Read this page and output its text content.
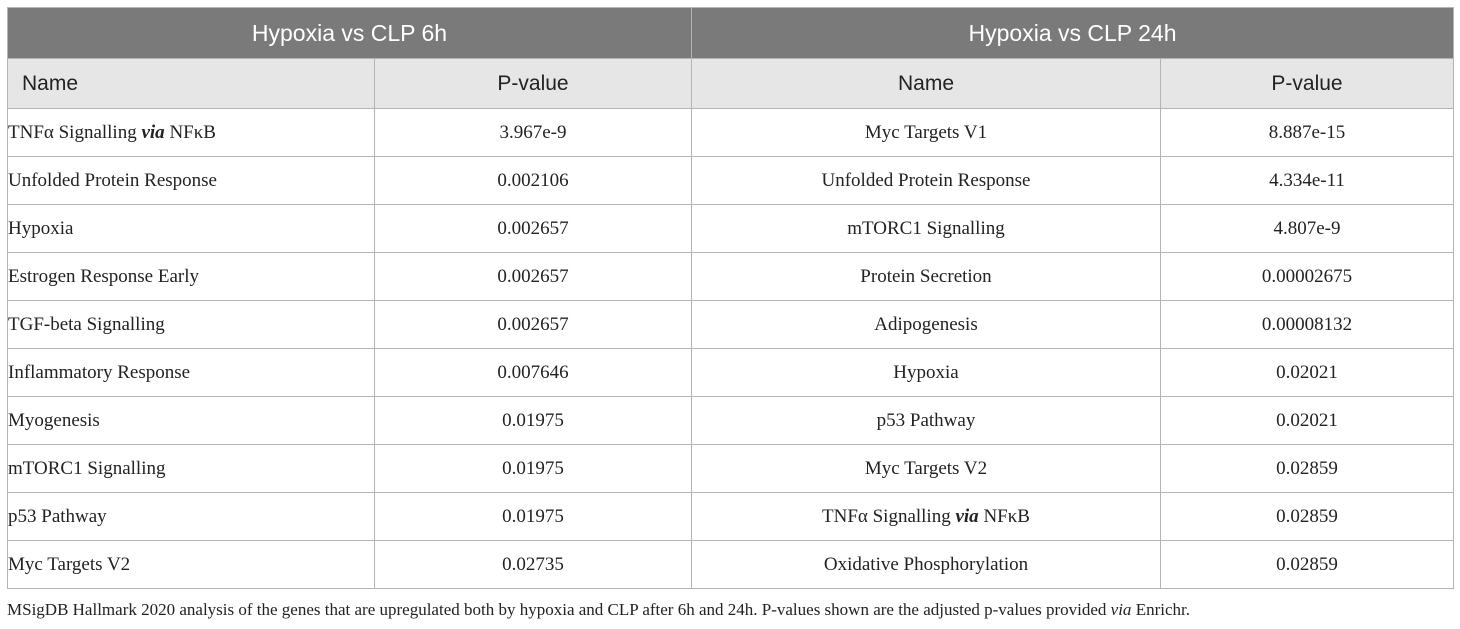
Hypoxia vs CLP 6h		Hypoxia vs CLP 24h	
Name	P-value	Name	P-value
TNFα Signalling via NFκB	3.967e-9	Myc Targets V1	8.887e-15
Unfolded Protein Response	0.002106	Unfolded Protein Response	4.334e-11
Hypoxia	0.002657	mTORC1 Signalling	4.807e-9
Estrogen Response Early	0.002657	Protein Secretion	0.00002675
TGF-beta Signalling	0.002657	Adipogenesis	0.00008132
Inflammatory Response	0.007646	Hypoxia	0.02021
Myogenesis	0.01975	p53 Pathway	0.02021
mTORC1 Signalling	0.01975	Myc Targets V2	0.02859
p53 Pathway	0.01975	TNFα Signalling via NFκB	0.02859
Myc Targets V2	0.02735	Oxidative Phosphorylation	0.02859
MSigDB Hallmark 2020 analysis of the genes that are upregulated both by hypoxia and CLP after 6h and 24h. P-values shown are the adjusted p-values provided via Enrichr.
